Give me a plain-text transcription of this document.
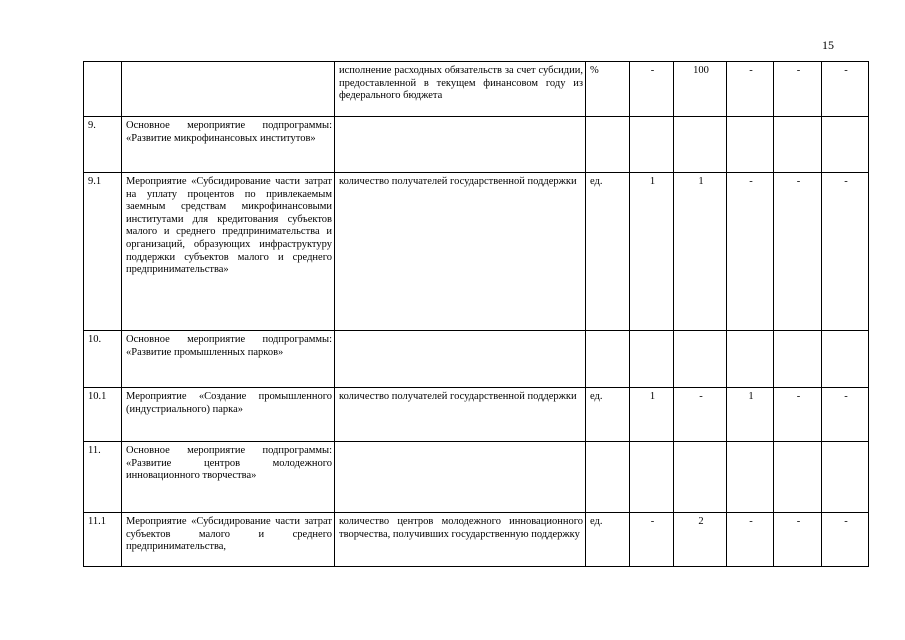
15
		исполнение расходных обязательств за счет субсидии, предоставленной в текущем финансовом году из федерального бюджета	%	-	100	-	-	-
9.	Основное мероприятие подпрограммы: «Развитие микрофинансовых институтов»							
9.1	Мероприятие «Субсидирование части затрат на уплату процентов по привлекаемым заемным средствам микрофинансовыми институтами для кредитования субъектов малого и среднего предпринимательства и организаций, образующих инфраструктуру поддержки субъектов малого и среднего предпринимательства»	количество получателей государственной поддержки	ед.	1	1	-	-	-
10.	Основное мероприятие подпрограммы: «Развитие промышленных парков»							
10.1	Мероприятие «Создание промышленного (индустриального) парка»	количество получателей государственной поддержки	ед.	1	-	1	-	-
11.	Основное мероприятие подпрограммы: «Развитие центров молодежного инновационного творчества»							
11.1	Мероприятие «Субсидирование части затрат субъектов малого и среднего предпринимательства,	количество центров молодежного инновационного творчества, получивших государственную поддержку	ед.	-	2	-	-	-
